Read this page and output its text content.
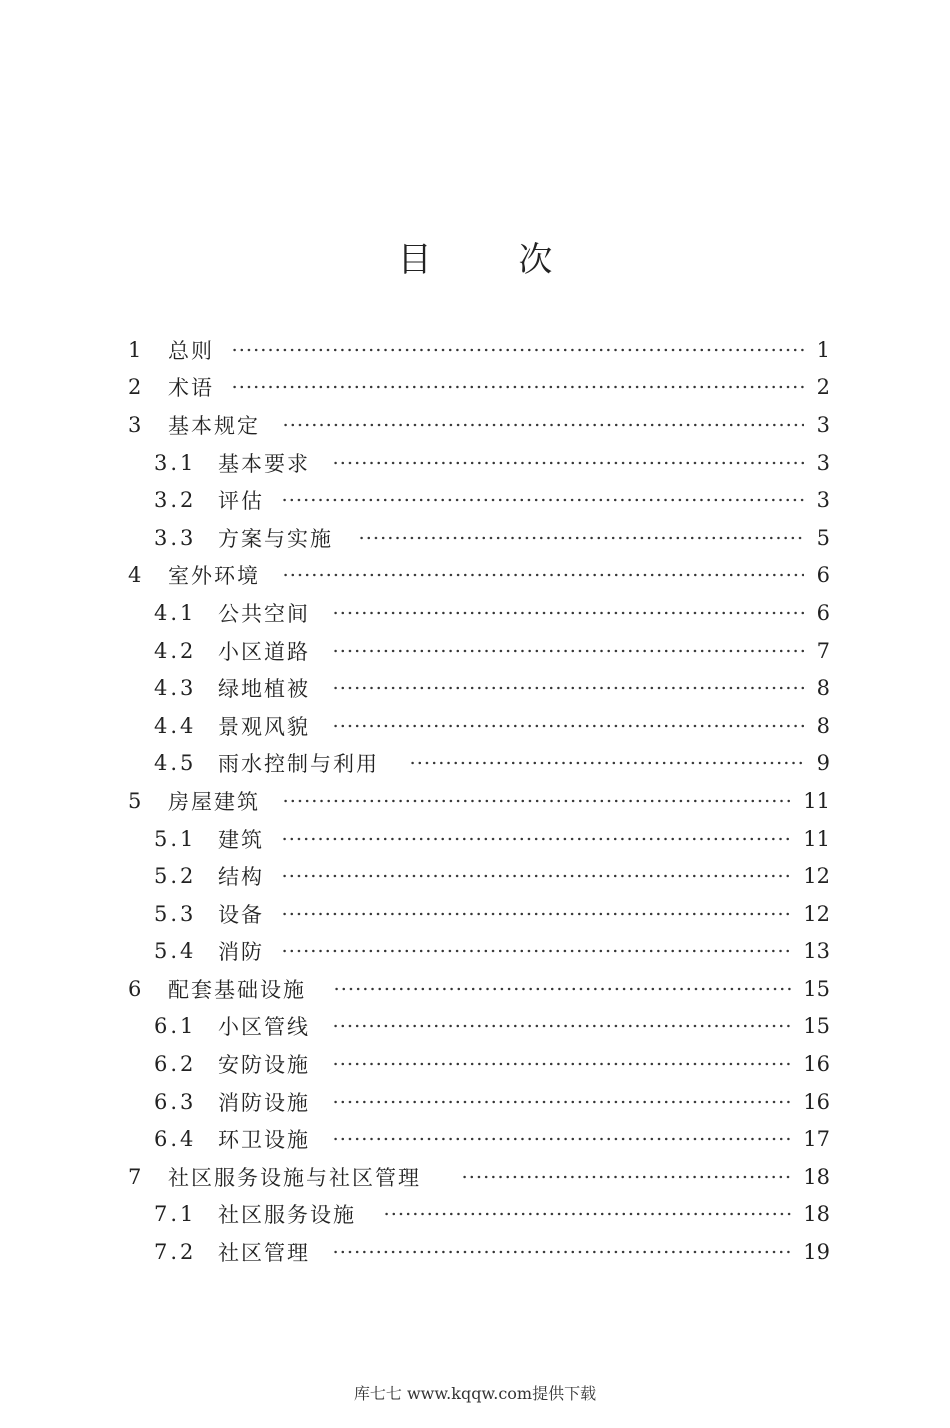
目 次
1 总则	1
2 术语	2
3 基本规定	3
3.1 基本要求	3
3.2 评估	3
3.3 方案与实施	5
4 室外环境	6
4.1 公共空间	6
4.2 小区道路	7
4.3 绿地植被	8
4.4 景观风貌	8
4.5 雨水控制与利用	9
5 房屋建筑	11
5.1 建筑	11
5.2 结构	12
5.3 设备	12
5.4 消防	13
6 配套基础设施	15
6.1 小区管线	15
6.2 安防设施	16
6.3 消防设施	16
6.4 环卫设施	17
7 社区服务设施与社区管理	18
7.1 社区服务设施	18
7.2 社区管理	19
库七七 www.kqqw.com提供下载
